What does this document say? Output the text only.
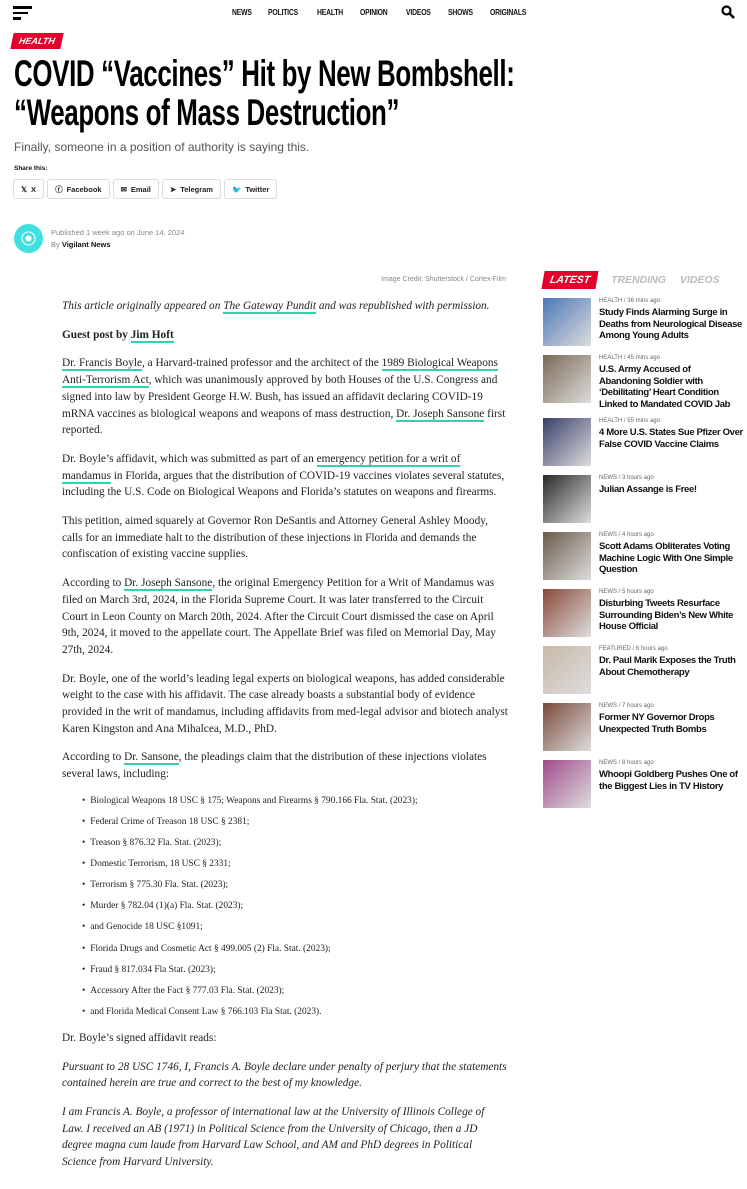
NEWS POLITICS HEALTH OPINION VIDEOS SHOWS ORIGINALS
HEALTH
COVID “Vaccines” Hit by New Bombshell: “Weapons of Mass Destruction”
Finally, someone in a position of authority is saying this.
Share this:
𝕏 X	ⓕ Facebook	✉ Email	➤ Telegram	🐦 Twitter
Published 1 week ago on June 14, 2024
By Vigilant News
Image Credit: Shutterstock / Cortex-Film

This article originally appeared on The Gateway Pundit and was republished with permission.

Guest post by Jim Hoft

Dr. Francis Boyle, a Harvard-trained professor and the architect of the 1989 Biological Weapons Anti-Terrorism Act, which was unanimously approved by both Houses of the U.S. Congress and signed into law by President George H.W. Bush, has issued an affidavit declaring COVID-19 mRNA vaccines as biological weapons and weapons of mass destruction, Dr. Joseph Sansone first reported.

Dr. Boyle’s affidavit, which was submitted as part of an emergency petition for a writ of mandamus in Florida, argues that the distribution of COVID-19 vaccines violates several statutes, including the U.S. Code on Biological Weapons and Florida’s statutes on weapons and firearms.

This petition, aimed squarely at Governor Ron DeSantis and Attorney General Ashley Moody, calls for an immediate halt to the distribution of these injections in Florida and demands the confiscation of existing vaccine supplies.

According to Dr. Joseph Sansone, the original Emergency Petition for a Writ of Mandamus was filed on March 3rd, 2024, in the Florida Supreme Court. It was later transferred to the Circuit Court in Leon County on March 20th, 2024. After the Circuit Court dismissed the case on April 9th, 2024, it moved to the appellate court. The Appellate Brief was filed on Memorial Day, May 27th, 2024.

Dr. Boyle, one of the world’s leading legal experts on biological weapons, has added considerable weight to the case with his affidavit. The case already boasts a substantial body of evidence provided in the writ of mandamus, including affidavits from med-legal advisor and biotech analyst Karen Kingston and Ana Mihalcea, M.D., PhD.

According to Dr. Sansone, the pleadings claim that the distribution of these injections violates several laws, including:

• Biological Weapons 18 USC § 175; Weapons and Firearms § 790.166 Fla. Stat. (2023);
• Federal Crime of Treason 18 USC § 2381;
• Treason § 876.32 Fla. Stat. (2023);
• Domestic Terrorism, 18 USC § 2331;
• Terrorism § 775.30 Fla. Stat. (2023);
• Murder § 782.04 (1)(a) Fla. Stat. (2023);
• and Genocide 18 USC §1091;
• Florida Drugs and Cosmetic Act § 499.005 (2) Fla. Stat. (2023);
• Fraud § 817.034 Fla Stat. (2023);
• Accessory After the Fact § 777.03 Fla. Stat. (2023);
• and Florida Medical Consent Law § 766.103 Fla Stat. (2023).

Dr. Boyle’s signed affidavit reads:

Pursuant to 28 USC 1746, I, Francis A. Boyle declare under penalty of perjury that the statements contained herein are true and correct to the best of my knowledge.

I am Francis A. Boyle, a professor of international law at the University of Illinois College of Law. I received an AB (1971) in Political Science from the University of Chicago, then a JD degree magna cum laude from Harvard Law School, and AM and PhD degrees in Political Science from Harvard University.

LATEST	TRENDING VIDEOS
HEALTH / 36 mins ago
Study Finds Alarming Surge in Deaths from Neurological Disease Among Young Adults
HEALTH / 45 mins ago
U.S. Army Accused of Abandoning Soldier with ‘Debilitating’ Heart Condition Linked to Mandated COVID Jab
HEALTH / 55 mins ago
4 More U.S. States Sue Pfizer Over False COVID Vaccine Claims
NEWS / 3 hours ago
Julian Assange is Free!
NEWS / 4 hours ago
Scott Adams Obliterates Voting Machine Logic With One Simple Question
NEWS / 5 hours ago
Disturbing Tweets Resurface Surrounding Biden’s New White House Official
FEATURED / 6 hours ago
Dr. Paul Marik Exposes the Truth About Chemotherapy
NEWS / 7 hours ago
Former NY Governor Drops Unexpected Truth Bombs
NEWS / 8 hours ago
Whoopi Goldberg Pushes One of the Biggest Lies in TV History
